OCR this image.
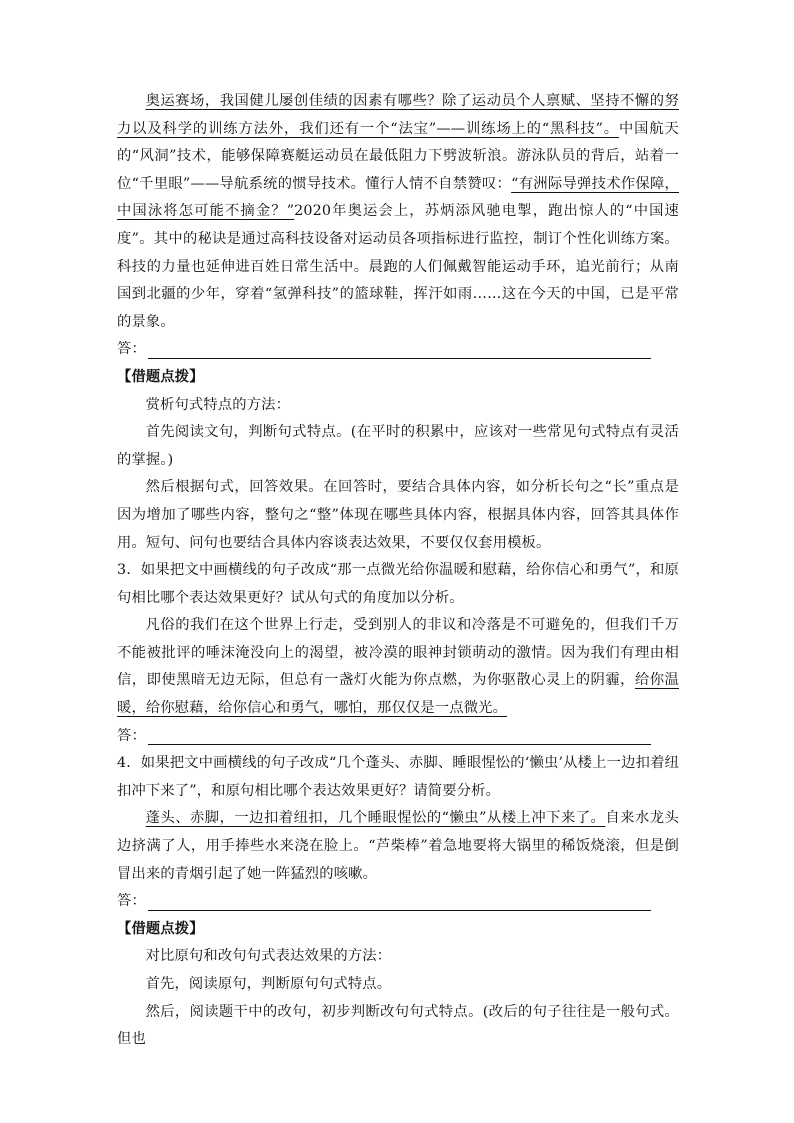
奥运赛场，我国健儿屡创佳绩的因素有哪些？除了运动员个人禀赋、坚持不懈的努力以及科学的训练方法外，我们还有一个“法宝”——训练场上的“黑科技”。中国航天的“风洞”技术，能够保障赛艇运动员在最低阻力下劈波斩浪。游泳队员的背后，站着一位“千里眼”——导航系统的惯导技术。懂行人情不自禁赞叹：“有洲际导弹技术作保障，中国泳将怎可能不摘金？”2020年奥运会上，苏炳添风驰电掣，跑出惊人的“中国速度”。其中的秘诀是通过高科技设备对运动员各项指标进行监控，制订个性化训练方案。科技的力量也延伸进百姓日常生活中。晨跑的人们佩戴智能运动手环，追光前行；从南国到北疆的少年，穿着“氢弹科技”的篮球鞋，挥汗如雨……这在今天的中国，已是平常的景象。

答：

【借题点拨】

赏析句式特点的方法：

首先阅读文句，判断句式特点。(在平时的积累中，应该对一些常见句式特点有灵活的掌握。)

然后根据句式，回答效果。在回答时，要结合具体内容，如分析长句之“长”重点是因为增加了哪些内容，整句之“整”体现在哪些具体内容，根据具体内容，回答其具体作用。短句、问句也要结合具体内容谈表达效果，不要仅仅套用模板。

3．如果把文中画横线的句子改成“那一点微光给你温暖和慰藉，给你信心和勇气”，和原句相比哪个表达效果更好？试从句式的角度加以分析。

凡俗的我们在这个世界上行走，受到别人的非议和冷落是不可避免的，但我们千万不能被批评的唾沫淹没向上的渴望，被冷漠的眼神封锁萌动的激情。因为我们有理由相信，即使黑暗无边无际，但总有一盏灯火能为你点燃，为你驱散心灵上的阴霾，给你温暖，给你慰藉，给你信心和勇气，哪怕，那仅仅是一点微光。

答：

4．如果把文中画横线的句子改成“几个蓬头、赤脚、睡眼惺忪的‘懒虫’从楼上一边扣着纽扣冲下来了”，和原句相比哪个表达效果更好？请简要分析。

蓬头、赤脚，一边扣着纽扣，几个睡眼惺忪的“懒虫”从楼上冲下来了。自来水龙头边挤满了人，用手捧些水来浇在脸上。“芦柴棒”着急地要将大锅里的稀饭烧滚，但是倒冒出来的青烟引起了她一阵猛烈的咳嗽。

答：

【借题点拨】

对比原句和改句句式表达效果的方法：

首先，阅读原句，判断原句句式特点。

然后，阅读题干中的改句，初步判断改句句式特点。(改后的句子往往是一般句式。但也
